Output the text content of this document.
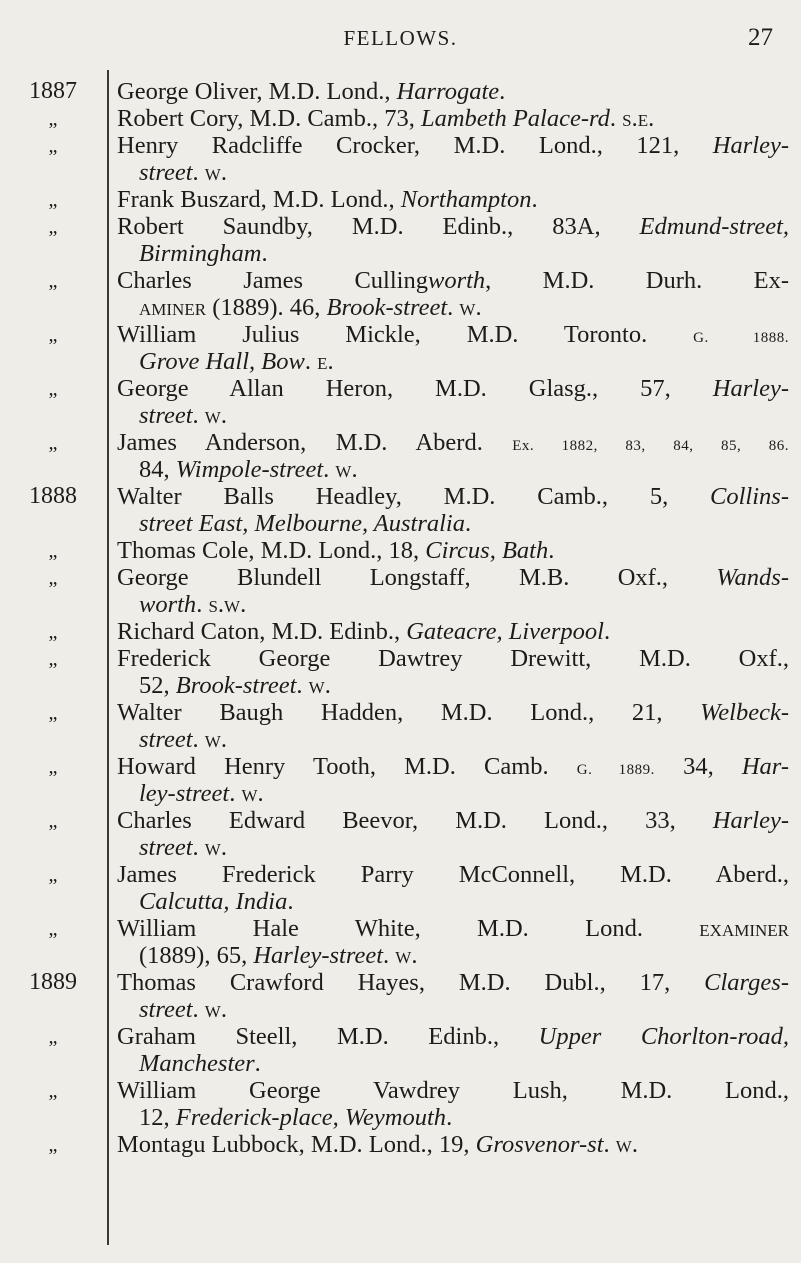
FELLOWS.	27
1887	George Oliver, M.D. Lond., Harrogate.
„	Robert Cory, M.D. Camb., 73, Lambeth Palace-rd. s.e.
„	Henry Radcliffe Crocker, M.D. Lond., 121, Harley-
street. w.
„	Frank Buszard, M.D. Lond., Northampton.
„	Robert Saundby, M.D. Edinb., 83A, Edmund-street,
Birmingham.
„	Charles James Cullingworth, M.D. Durh. Ex-
aminer (1889). 46, Brook-street. w.
„	William Julius Mickle, M.D. Toronto. G. 1888.
Grove Hall, Bow. e.
„	George Allan Heron, M.D. Glasg., 57, Harley-
street. w.
„	James Anderson, M.D. Aberd. Ex. 1882, 83, 84, 85, 86.
84, Wimpole-street. w.
1888	Walter Balls Headley, M.D. Camb., 5, Collins-
street East, Melbourne, Australia.
„	Thomas Cole, M.D. Lond., 18, Circus, Bath.
„	George Blundell Longstaff, M.B. Oxf., Wands-
worth. s.w.
„	Richard Caton, M.D. Edinb., Gateacre, Liverpool.
„	Frederick George Dawtrey Drewitt, M.D. Oxf.,
52, Brook-street. w.
„	Walter Baugh Hadden, M.D. Lond., 21, Welbeck-
street. w.
„	Howard Henry Tooth, M.D. Camb. G. 1889. 34, Har-
ley-street. w.
„	Charles Edward Beevor, M.D. Lond., 33, Harley-
street. w.
„	James Frederick Parry McConnell, M.D. Aberd.,
Calcutta, India.
„	William Hale White, M.D. Lond. examiner
(1889), 65, Harley-street. w.
1889	Thomas Crawford Hayes, M.D. Dubl., 17, Clarges-
street. w.
„	Graham Steell, M.D. Edinb., Upper Chorlton-road,
Manchester.
„	William George Vawdrey Lush, M.D. Lond.,
12, Frederick-place, Weymouth.
„	Montagu Lubbock, M.D. Lond., 19, Grosvenor-st. w.
